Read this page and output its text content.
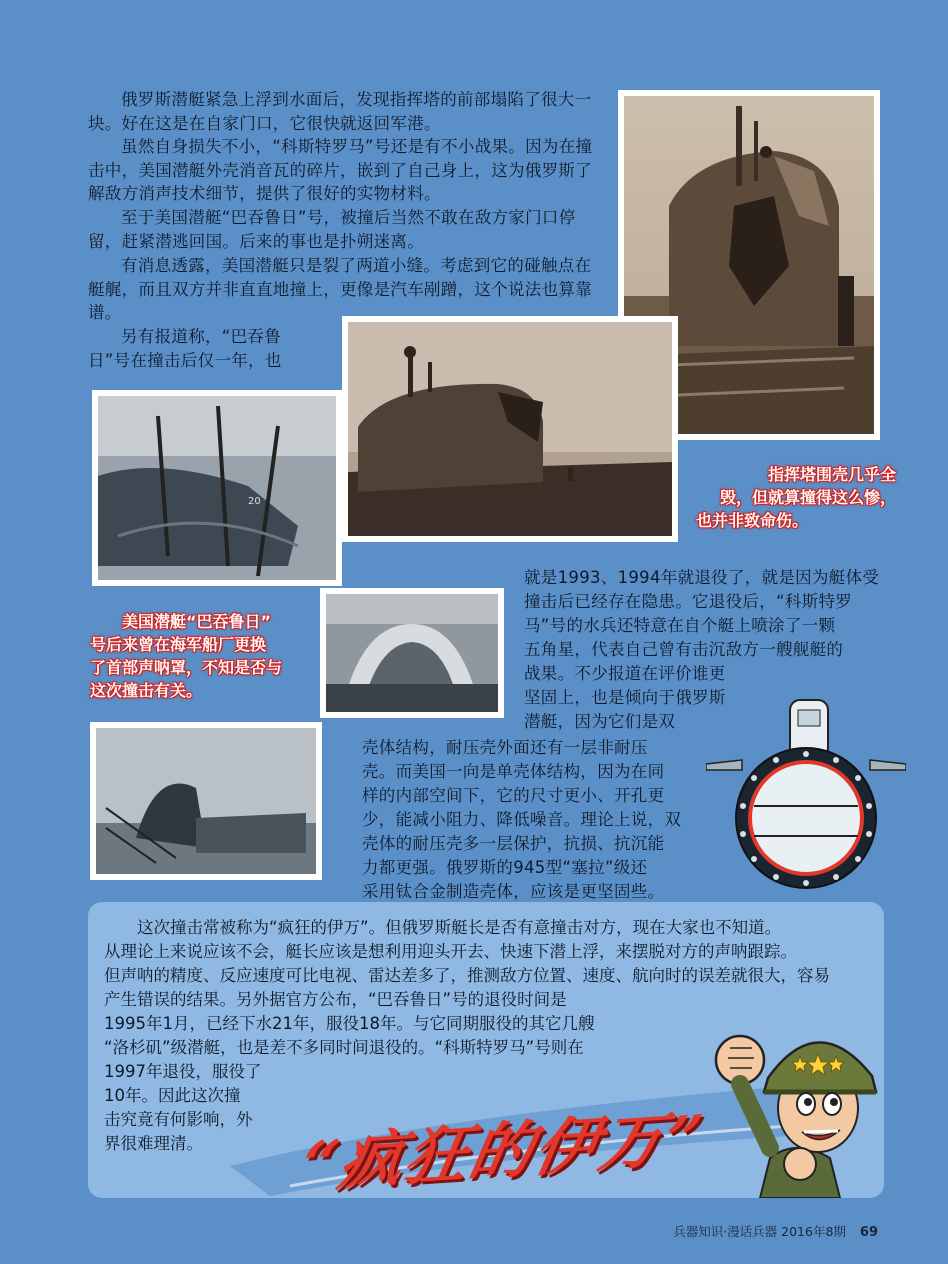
俄罗斯潜艇紧急上浮到水面后，发现指挥塔的前部塌陷了很大一块。好在这是在自家门口，它很快就返回军港。

虽然自身损失不小，“科斯特罗马”号还是有不小战果。因为在撞击中，美国潜艇外壳消音瓦的碎片，嵌到了自己身上，这为俄罗斯了解敌方消声技术细节，提供了很好的实物材料。

至于美国潜艇“巴吞鲁日”号，被撞后当然不敢在敌方家门口停留，赶紧潜逃回国。后来的事也是扑朔迷离。

有消息透露，美国潜艇只是裂了两道小缝。考虑到它的碰触点在艇艉，而且双方并非直直地撞上，更像是汽车剐蹭，这个说法也算靠谱。

另有报道称，“巴吞鲁日”号在撞击后仅一年，也

20
指挥塔围壳几乎全
毁，但就算撞得这么惨，
也并非致命伤。
美国潜艇“巴吞鲁日”
号后来曾在海军船厂更换
了首部声呐罩，不知是否与
这次撞击有关。
就是1993、1994年就退役了，就是因为艇体受
撞击后已经存在隐患。它退役后，“科斯特罗
马”号的水兵还特意在自个艇上喷涂了一颗
五角星，代表自己曾有击沉敌方一艘舰艇的
战果。不少报道在评价谁更
坚固上，也是倾向于俄罗斯
潜艇，因为它们是双
壳体结构，耐压壳外面还有一层非耐压
壳。而美国一向是单壳体结构，因为在同
样的内部空间下，它的尺寸更小、开孔更
少，能减小阻力、降低噪音。理论上说，双
壳体的耐压壳多一层保护，抗损、抗沉能
力都更强。俄罗斯的945型“塞拉”级还
采用钛合金制造壳体，应该是更坚固些。
这次撞击常被称为“疯狂的伊万”。但俄罗斯艇长是否有意撞击对方，现在大家也不知道。
从理论上来说应该不会，艇长应该是想利用迎头开去、快速下潜上浮，来摆脱对方的声呐跟踪。
但声呐的精度、反应速度可比电视、雷达差多了，推测敌方位置、速度、航向时的误差就很大，容易
产生错误的结果。另外据官方公布，“巴吞鲁日”号的退役时间是
1995年1月，已经下水21年，服役18年。与它同期服役的其它几艘
“洛杉矶”级潜艇，也是差不多同时间退役的。“科斯特罗马”号则在
1997年退役，服役了
10年。因此这次撞
击究竟有何影响，外
界很难理清。	“疯狂的伊万”
兵器知识·漫话兵器 2016年8期 69
